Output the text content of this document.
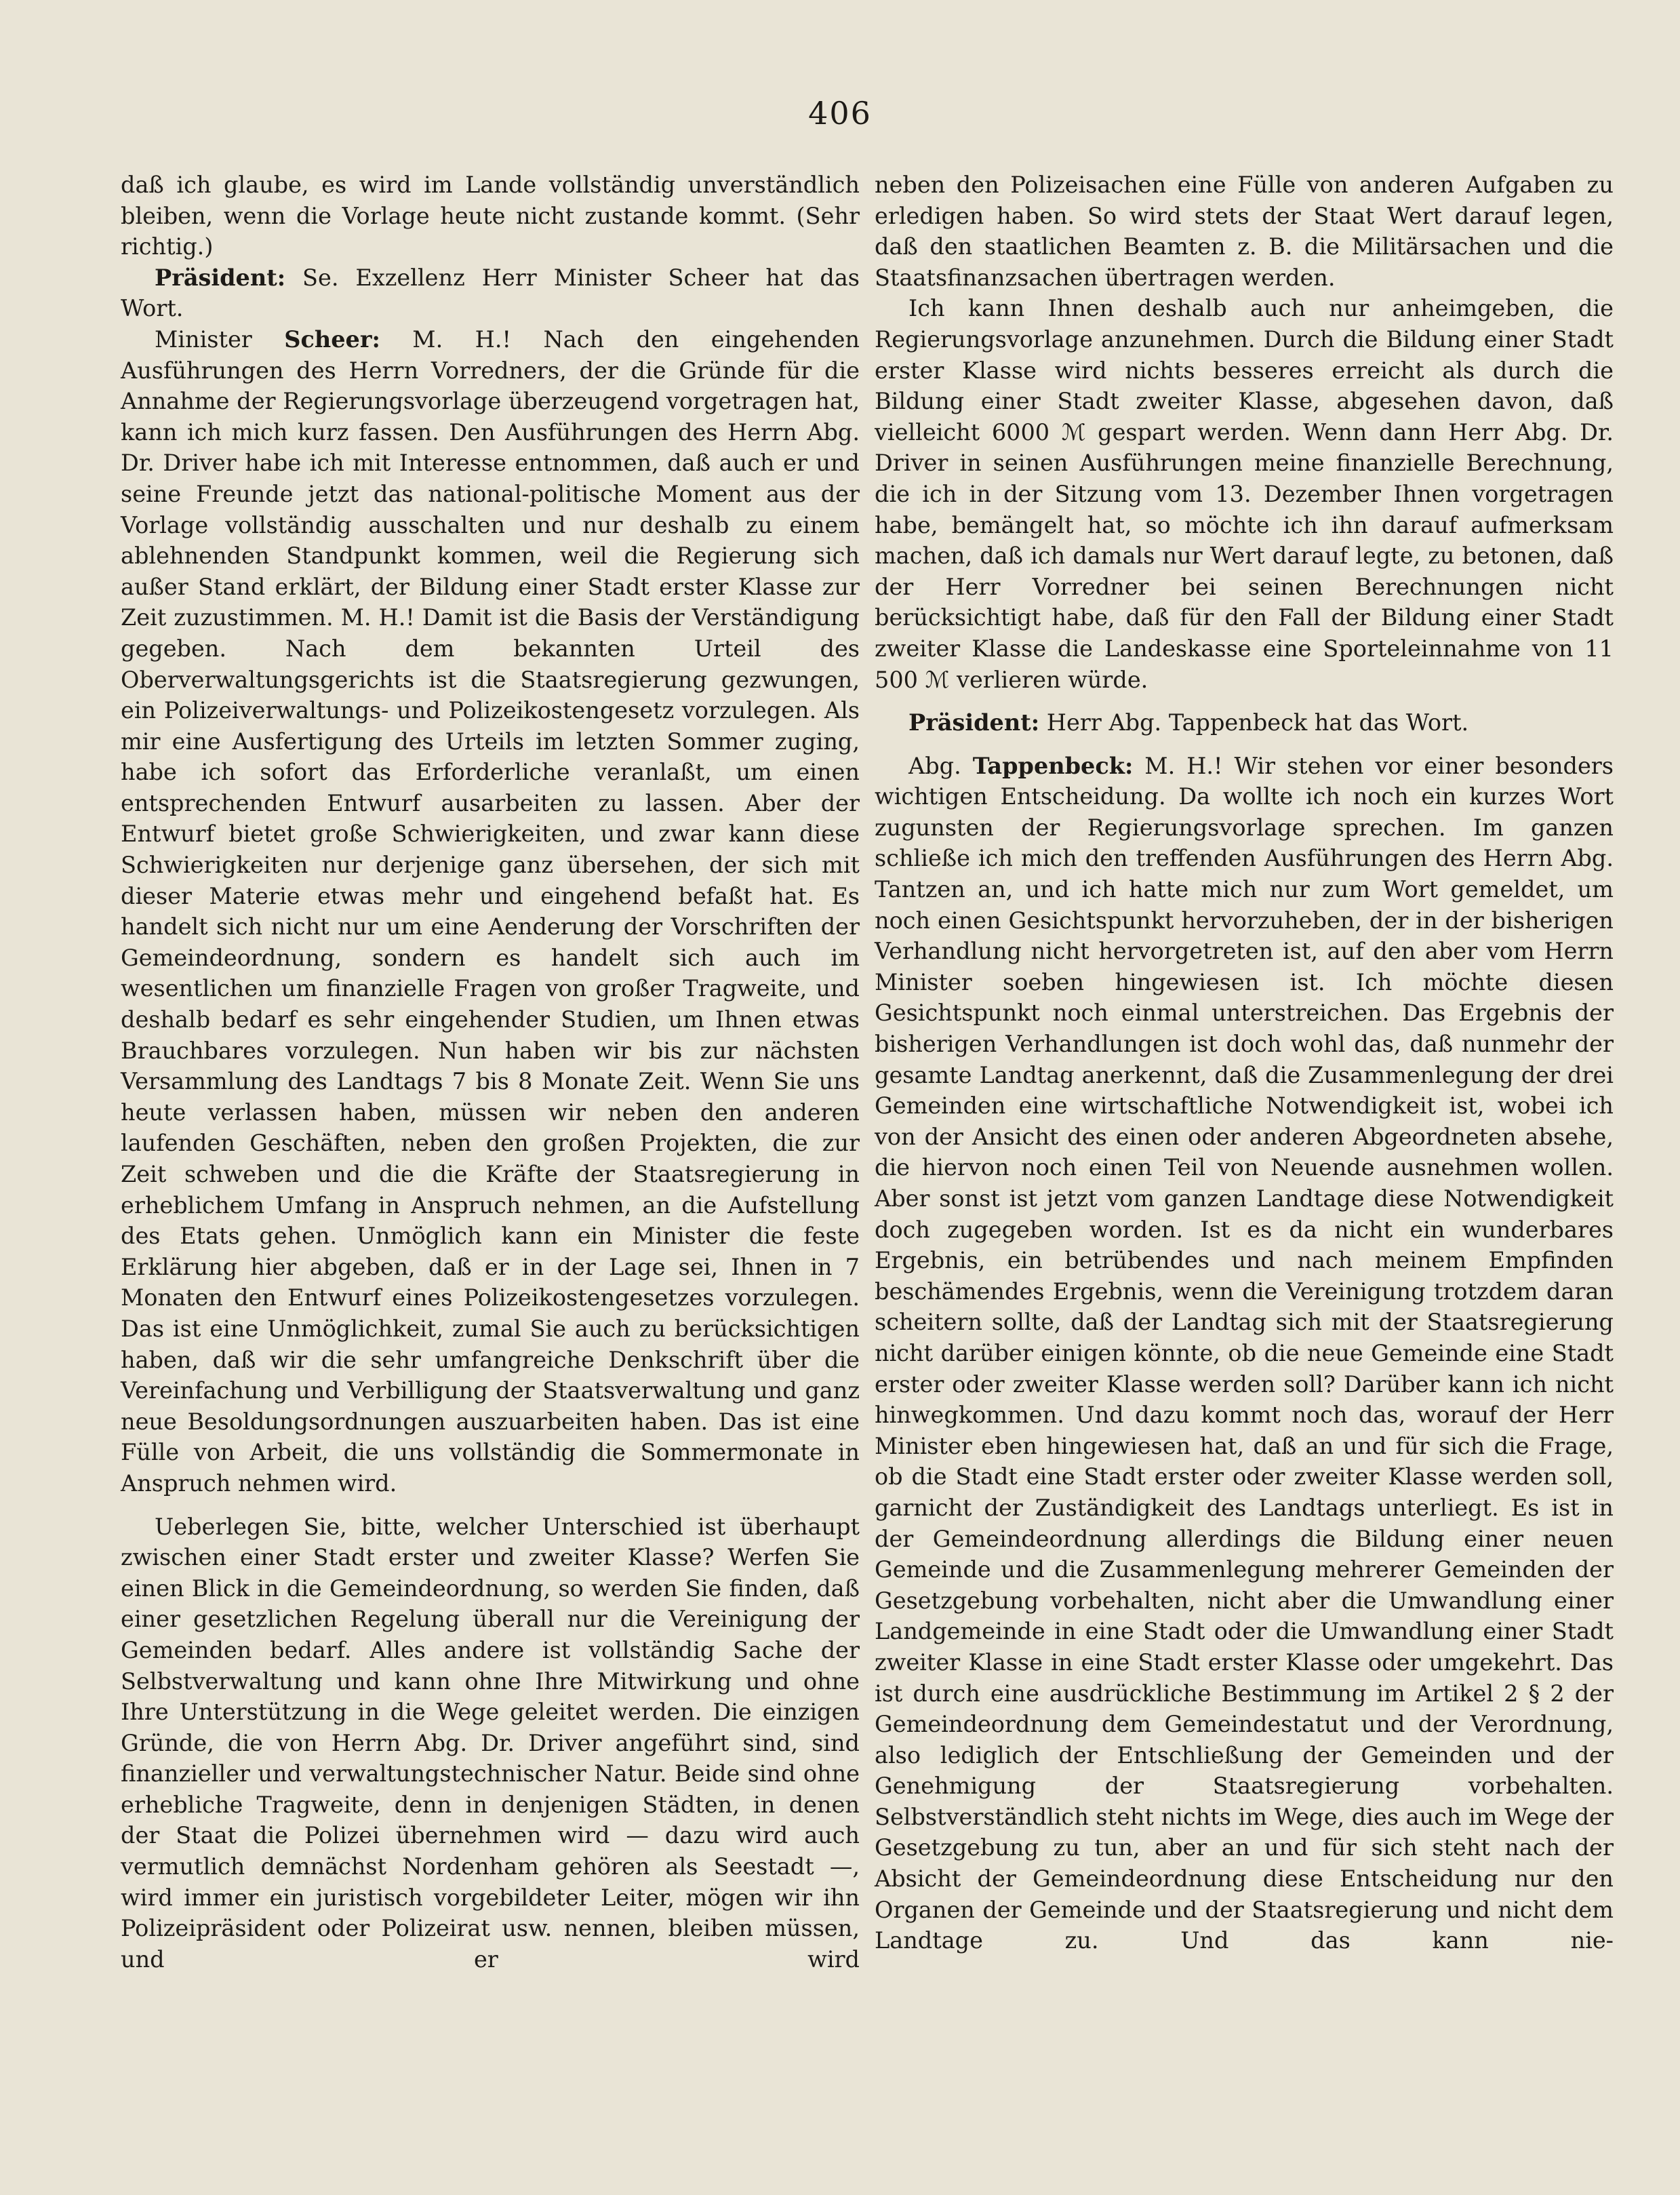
406

daß ich glaube, es wird im Lande vollständig unverständlich bleiben, wenn die Vorlage heute nicht zustande kommt. (Sehr richtig.)

Präsident: Se. Exzellenz Herr Minister Scheer hat das Wort.

Minister Scheer: M. H.! Nach den eingehenden Ausführungen des Herrn Vorredners, der die Gründe für die Annahme der Regierungsvorlage überzeugend vorgetragen hat, kann ich mich kurz fassen. Den Ausführungen des Herrn Abg. Dr. Driver habe ich mit Interesse entnommen, daß auch er und seine Freunde jetzt das national-politische Moment aus der Vorlage vollständig ausschalten und nur deshalb zu einem ablehnenden Standpunkt kommen, weil die Regierung sich außer Stand erklärt, der Bildung einer Stadt erster Klasse zur Zeit zuzustimmen. M. H.! Damit ist die Basis der Verständigung gegeben. Nach dem bekannten Urteil des Oberverwaltungsgerichts ist die Staatsregierung gezwungen, ein Polizeiverwaltungs- und Polizeikostengesetz vorzulegen. Als mir eine Ausfertigung des Urteils im letzten Sommer zuging, habe ich sofort das Erforderliche veranlaßt, um einen entsprechenden Entwurf ausarbeiten zu lassen. Aber der Entwurf bietet große Schwierigkeiten, und zwar kann diese Schwierigkeiten nur derjenige ganz übersehen, der sich mit dieser Materie etwas mehr und eingehend befaßt hat. Es handelt sich nicht nur um eine Aenderung der Vorschriften der Gemeindeordnung, sondern es handelt sich auch im wesentlichen um finanzielle Fragen von großer Tragweite, und deshalb bedarf es sehr eingehender Studien, um Ihnen etwas Brauchbares vorzulegen. Nun haben wir bis zur nächsten Versammlung des Landtags 7 bis 8 Monate Zeit. Wenn Sie uns heute verlassen haben, müssen wir neben den anderen laufenden Geschäften, neben den großen Projekten, die zur Zeit schweben und die die Kräfte der Staatsregierung in erheblichem Umfang in Anspruch nehmen, an die Aufstellung des Etats gehen. Unmöglich kann ein Minister die feste Erklärung hier abgeben, daß er in der Lage sei, Ihnen in 7 Monaten den Entwurf eines Polizeikostengesetzes vorzulegen. Das ist eine Unmöglichkeit, zumal Sie auch zu berücksichtigen haben, daß wir die sehr umfangreiche Denkschrift über die Vereinfachung und Verbilligung der Staatsverwaltung und ganz neue Besoldungsordnungen auszuarbeiten haben. Das ist eine Fülle von Arbeit, die uns vollständig die Sommermonate in Anspruch nehmen wird.

Ueberlegen Sie, bitte, welcher Unterschied ist überhaupt zwischen einer Stadt erster und zweiter Klasse? Werfen Sie einen Blick in die Gemeindeordnung, so werden Sie finden, daß einer gesetzlichen Regelung überall nur die Vereinigung der Gemeinden bedarf. Alles andere ist vollständig Sache der Selbstverwaltung und kann ohne Ihre Mitwirkung und ohne Ihre Unterstützung in die Wege geleitet werden. Die einzigen Gründe, die von Herrn Abg. Dr. Driver angeführt sind, sind finanzieller und verwaltungstechnischer Natur. Beide sind ohne erhebliche Tragweite, denn in denjenigen Städten, in denen der Staat die Polizei übernehmen wird — dazu wird auch vermutlich demnächst Nordenham gehören als Seestadt —, wird immer ein juristisch vorgebildeter Leiter, mögen wir ihn Polizeipräsident oder Polizeirat usw. nennen, bleiben müssen, und er wird

neben den Polizeisachen eine Fülle von anderen Aufgaben zu erledigen haben. So wird stets der Staat Wert darauf legen, daß den staatlichen Beamten z. B. die Militärsachen und die Staatsfinanzsachen übertragen werden.

Ich kann Ihnen deshalb auch nur anheimgeben, die Regierungsvorlage anzunehmen. Durch die Bildung einer Stadt erster Klasse wird nichts besseres erreicht als durch die Bildung einer Stadt zweiter Klasse, abgesehen davon, daß vielleicht 6000 ℳ gespart werden. Wenn dann Herr Abg. Dr. Driver in seinen Ausführungen meine finanzielle Berechnung, die ich in der Sitzung vom 13. Dezember Ihnen vorgetragen habe, bemängelt hat, so möchte ich ihn darauf aufmerksam machen, daß ich damals nur Wert darauf legte, zu betonen, daß der Herr Vorredner bei seinen Berechnungen nicht berücksichtigt habe, daß für den Fall der Bildung einer Stadt zweiter Klasse die Landeskasse eine Sporteleinnahme von 11 500 ℳ verlieren würde.

Präsident: Herr Abg. Tappenbeck hat das Wort.

Abg. Tappenbeck: M. H.! Wir stehen vor einer besonders wichtigen Entscheidung. Da wollte ich noch ein kurzes Wort zugunsten der Regierungsvorlage sprechen. Im ganzen schließe ich mich den treffenden Ausführungen des Herrn Abg. Tantzen an, und ich hatte mich nur zum Wort gemeldet, um noch einen Gesichtspunkt hervorzuheben, der in der bisherigen Verhandlung nicht hervorgetreten ist, auf den aber vom Herrn Minister soeben hingewiesen ist. Ich möchte diesen Gesichtspunkt noch einmal unterstreichen. Das Ergebnis der bisherigen Verhandlungen ist doch wohl das, daß nunmehr der gesamte Landtag anerkennt, daß die Zusammenlegung der drei Gemeinden eine wirtschaftliche Notwendigkeit ist, wobei ich von der Ansicht des einen oder anderen Abgeordneten absehe, die hiervon noch einen Teil von Neuende ausnehmen wollen. Aber sonst ist jetzt vom ganzen Landtage diese Notwendigkeit doch zugegeben worden. Ist es da nicht ein wunderbares Ergebnis, ein betrübendes und nach meinem Empfinden beschämendes Ergebnis, wenn die Vereinigung trotzdem daran scheitern sollte, daß der Landtag sich mit der Staatsregierung nicht darüber einigen könnte, ob die neue Gemeinde eine Stadt erster oder zweiter Klasse werden soll? Darüber kann ich nicht hinwegkommen. Und dazu kommt noch das, worauf der Herr Minister eben hingewiesen hat, daß an und für sich die Frage, ob die Stadt eine Stadt erster oder zweiter Klasse werden soll, garnicht der Zuständigkeit des Landtags unterliegt. Es ist in der Gemeindeordnung allerdings die Bildung einer neuen Gemeinde und die Zusammenlegung mehrerer Gemeinden der Gesetzgebung vorbehalten, nicht aber die Umwandlung einer Landgemeinde in eine Stadt oder die Umwandlung einer Stadt zweiter Klasse in eine Stadt erster Klasse oder umgekehrt. Das ist durch eine ausdrückliche Bestimmung im Artikel 2 § 2 der Gemeindeordnung dem Gemeindestatut und der Verordnung, also lediglich der Entschließung der Gemeinden und der Genehmigung der Staatsregierung vorbehalten. Selbstverständlich steht nichts im Wege, dies auch im Wege der Gesetzgebung zu tun, aber an und für sich steht nach der Absicht der Gemeindeordnung diese Entscheidung nur den Organen der Gemeinde und der Staatsregierung und nicht dem Landtage zu. Und das kann nie-
